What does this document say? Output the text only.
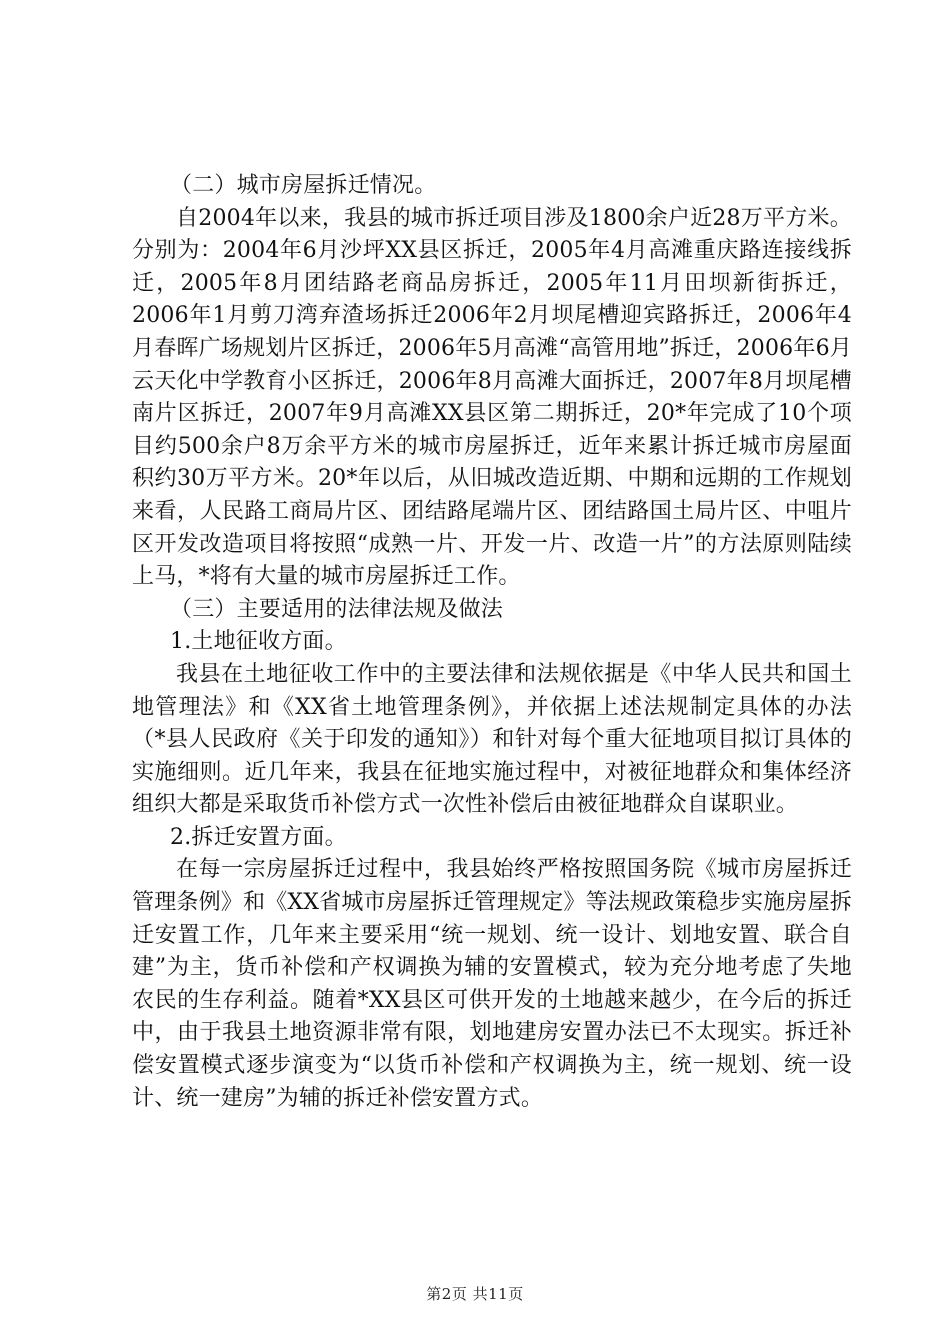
（二）城市房屋拆迁情况。

自2004年以来，我县的城市拆迁项目涉及1800余户近28万平方米。分别为：2004年6月沙坪XX县区拆迁，2005年4月高滩重庆路连接线拆迁，2005年8月团结路老商品房拆迁，2005年11月田坝新街拆迁，2006年1月剪刀湾弃渣场拆迁2006年2月坝尾槽迎宾路拆迁，2006年4月春晖广场规划片区拆迁，2006年5月高滩“高管用地”拆迁，2006年6月云天化中学教育小区拆迁，2006年8月高滩大面拆迁，2007年8月坝尾槽南片区拆迁，2007年9月高滩XX县区第二期拆迁，20*年完成了10个项目约500余户8万余平方米的城市房屋拆迁，近年来累计拆迁城市房屋面积约30万平方米。20*年以后，从旧城改造近期、中期和远期的工作规划来看，人民路工商局片区、团结路尾端片区、团结路国土局片区、中咀片区开发改造项目将按照“成熟一片、开发一片、改造一片”的方法原则陆续上马，*将有大量的城市房屋拆迁工作。

（三）主要适用的法律法规及做法

1.土地征收方面。

我县在土地征收工作中的主要法律和法规依据是《中华人民共和国土地管理法》和《XX省土地管理条例》，并依据上述法规制定具体的办法（*县人民政府《关于印发的通知》）和针对每个重大征地项目拟订具体的实施细则。近几年来，我县在征地实施过程中，对被征地群众和集体经济组织大都是采取货币补偿方式一次性补偿后由被征地群众自谋职业。

2.拆迁安置方面。

在每一宗房屋拆迁过程中，我县始终严格按照国务院《城市房屋拆迁管理条例》和《XX省城市房屋拆迁管理规定》等法规政策稳步实施房屋拆迁安置工作，几年来主要采用“统一规划、统一设计、划地安置、联合自建”为主，货币补偿和产权调换为辅的安置模式，较为充分地考虑了失地农民的生存利益。随着*XX县区可供开发的土地越来越少，在今后的拆迁中，由于我县土地资源非常有限，划地建房安置办法已不太现实。拆迁补偿安置模式逐步演变为“以货币补偿和产权调换为主，统一规划、统一设计、统一建房”为辅的拆迁补偿安置方式。

第2页 共11页
